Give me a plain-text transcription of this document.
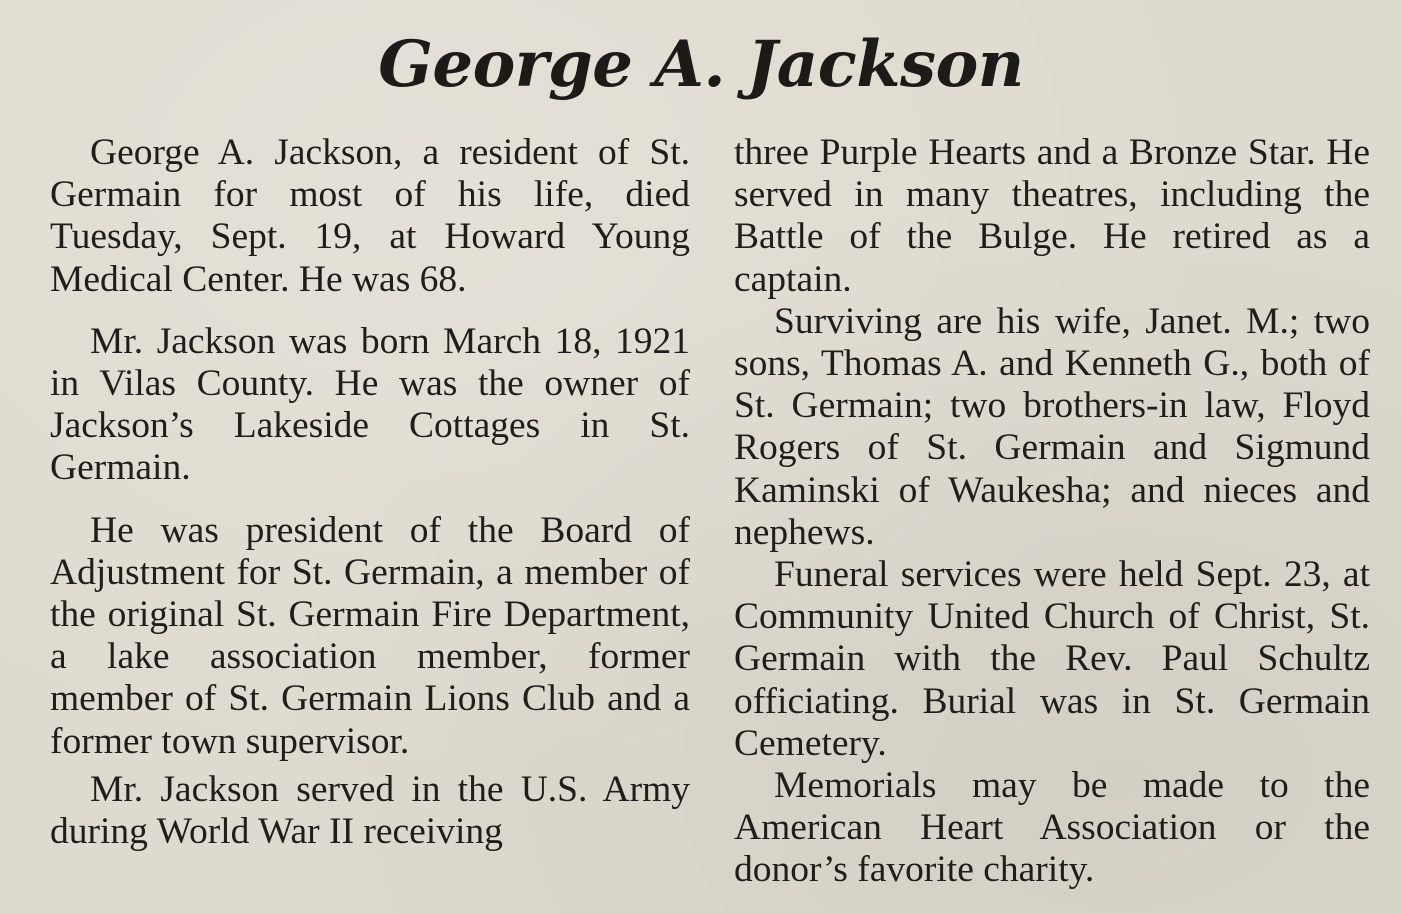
George A. Jackson

George A. Jackson, a resident of St. Germain for most of his life, died Tuesday, Sept. 19, at Howard Young Medical Center. He was 68.

Mr. Jackson was born March 18, 1921 in Vilas County. He was the owner of Jackson’s Lakeside Cottages in St. Germain.

He was president of the Board of Adjustment for St. Germain, a member of the original St. Germain Fire Department, a lake association member, former member of St. Germain Lions Club and a former town supervisor.

Mr. Jackson served in the U.S. Army during World War II receiving

three Purple Hearts and a Bronze Star. He served in many theatres, including the Battle of the Bulge. He retired as a captain.

Surviving are his wife, Janet. M.; two sons, Thomas A. and Kenneth G., both of St. Germain; two brothers-in law, Floyd Rogers of St. Germain and Sigmund Kaminski of Waukesha; and nieces and nephews.

Funeral services were held Sept. 23, at Community United Church of Christ, St. Germain with the Rev. Paul Schultz officiating. Burial was in St. Germain Cemetery.

Memorials may be made to the American Heart Association or the donor’s favorite charity.
